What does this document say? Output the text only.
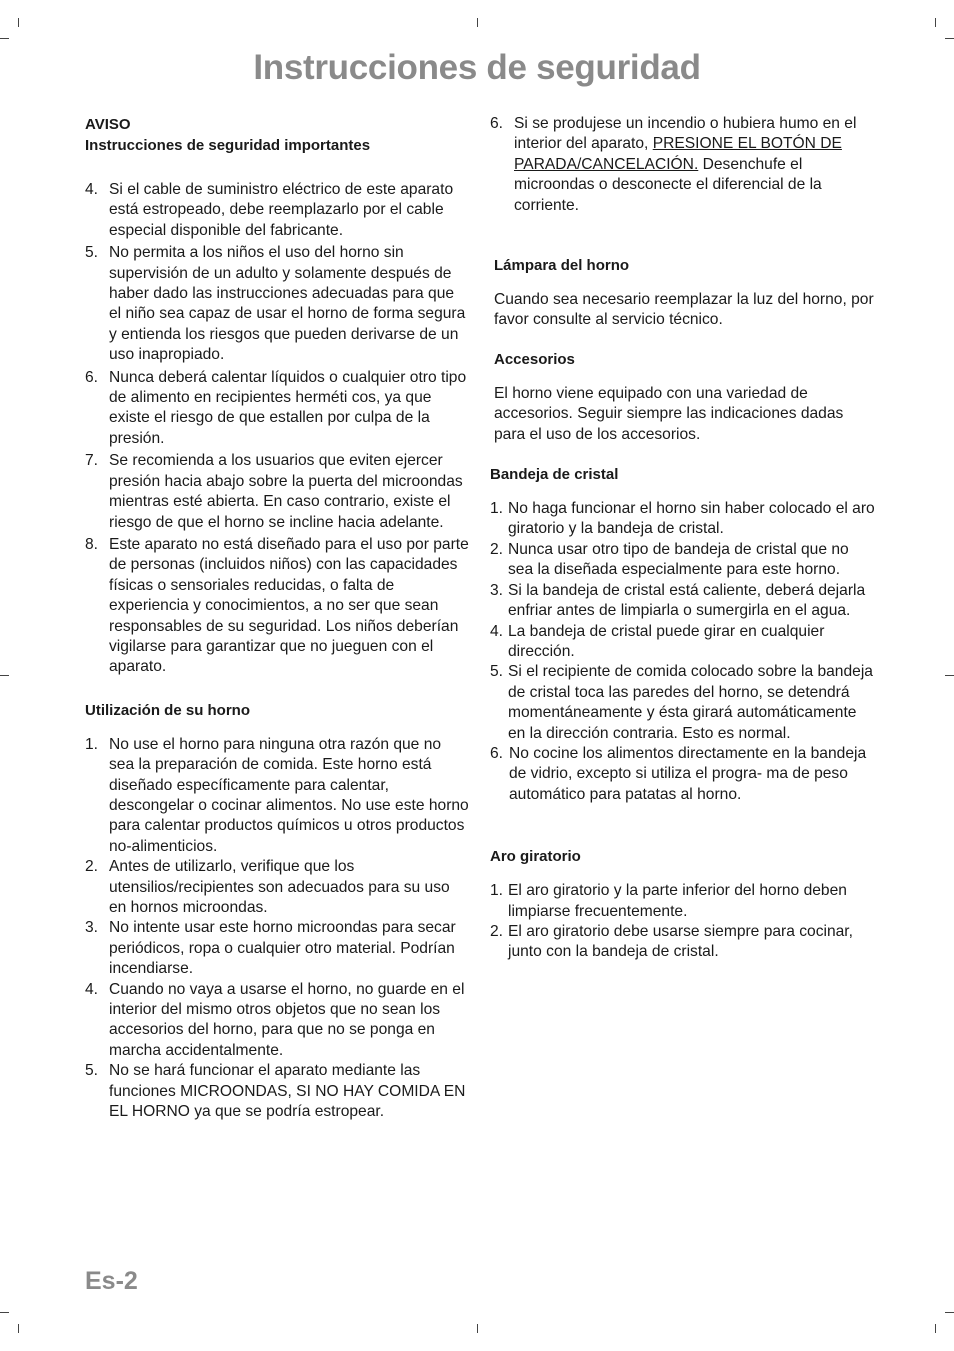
Instrucciones de seguridad
AVISO
Instrucciones de seguridad importantes
4. Si el cable de suministro eléctrico de este aparato está estropeado, debe reemplazarlo por el cable especial disponible del fabricante.
5. No permita a los niños el uso del horno sin supervisión de un adulto y solamente después de haber dado las instrucciones adecuadas para que el niño sea capaz de usar el horno de forma segura y entienda los riesgos que pueden derivarse de un uso inapropiado.
6. Nunca deberá calentar líquidos o cualquier otro tipo de alimento en recipientes herméti cos, ya que existe el riesgo de que estallen por culpa de la presión.
7. Se recomienda a los usuarios que eviten ejercer presión hacia abajo sobre la puerta del microondas mientras esté abierta. En caso contrario, existe el riesgo de que el horno se incline hacia adelante.
8. Este aparato no está diseñado para el uso por parte de personas (incluidos niños) con las capacidades físicas o sensoriales reducidas, o falta de experiencia y conocimientos, a no ser que sean responsables de su seguridad. Los niños deberían vigilarse para garantizar que no jueguen con el aparato.
Utilización de su horno
1. No use el horno para ninguna otra razón que no sea la preparación de comida. Este horno está diseñado específicamente para calentar, descongelar o cocinar alimentos. No use este horno para calentar productos químicos u otros productos no-alimenticios.
2. Antes de utilizarlo, verifique que los utensilios/recipientes son adecuados para su uso en hornos microondas.
3. No intente usar este horno microondas para secar periódicos, ropa o cualquier otro material. Podrían incendiarse.
4. Cuando no vaya a usarse el horno, no guarde en el interior del mismo otros objetos que no sean los accesorios del horno, para que no se ponga en marcha accidentalmente.
5. No se hará funcionar el aparato mediante las funciones MICROONDAS, SI NO HAY COMIDA EN EL HORNO ya que se podría estropear.
6. Si se produjese un incendio o hubiera humo en el interior del aparato, PRESIONE EL BOTÓN DE PARADA/CANCELACIÓN. Desenchufe el microondas o desconecte el diferencial de la corriente.
Lámpara del horno
Cuando sea necesario reemplazar la luz del horno, por favor consulte al servicio técnico.
Accesorios
El horno viene equipado con una variedad de accesorios. Seguir siempre las indicaciones dadas para el uso de los accesorios.
Bandeja de cristal
1. No haga funcionar el horno sin haber colocado el aro giratorio y la bandeja de cristal.
2. Nunca usar otro tipo de bandeja de cristal que no sea la diseñada especialmente para este horno.
3. Si la bandeja de cristal está caliente, deberá dejarla enfriar antes de limpiarla o sumergirla en el agua.
4. La bandeja de cristal puede girar en cualquier dirección.
5. Si el recipiente de comida colocado sobre la bandeja de cristal toca las paredes del horno, se detendrá momentáneamente y ésta girará automáticamente en la dirección contraria. Esto es normal.
6. No cocine los alimentos directamente en la bandeja de vidrio, excepto si utiliza el progra- ma de peso automático para patatas al horno.
Aro giratorio
1. El aro giratorio y la parte inferior del horno deben limpiarse frecuentemente.
2. El aro giratorio debe usarse siempre para cocinar, junto con la bandeja de cristal.
Es-2
